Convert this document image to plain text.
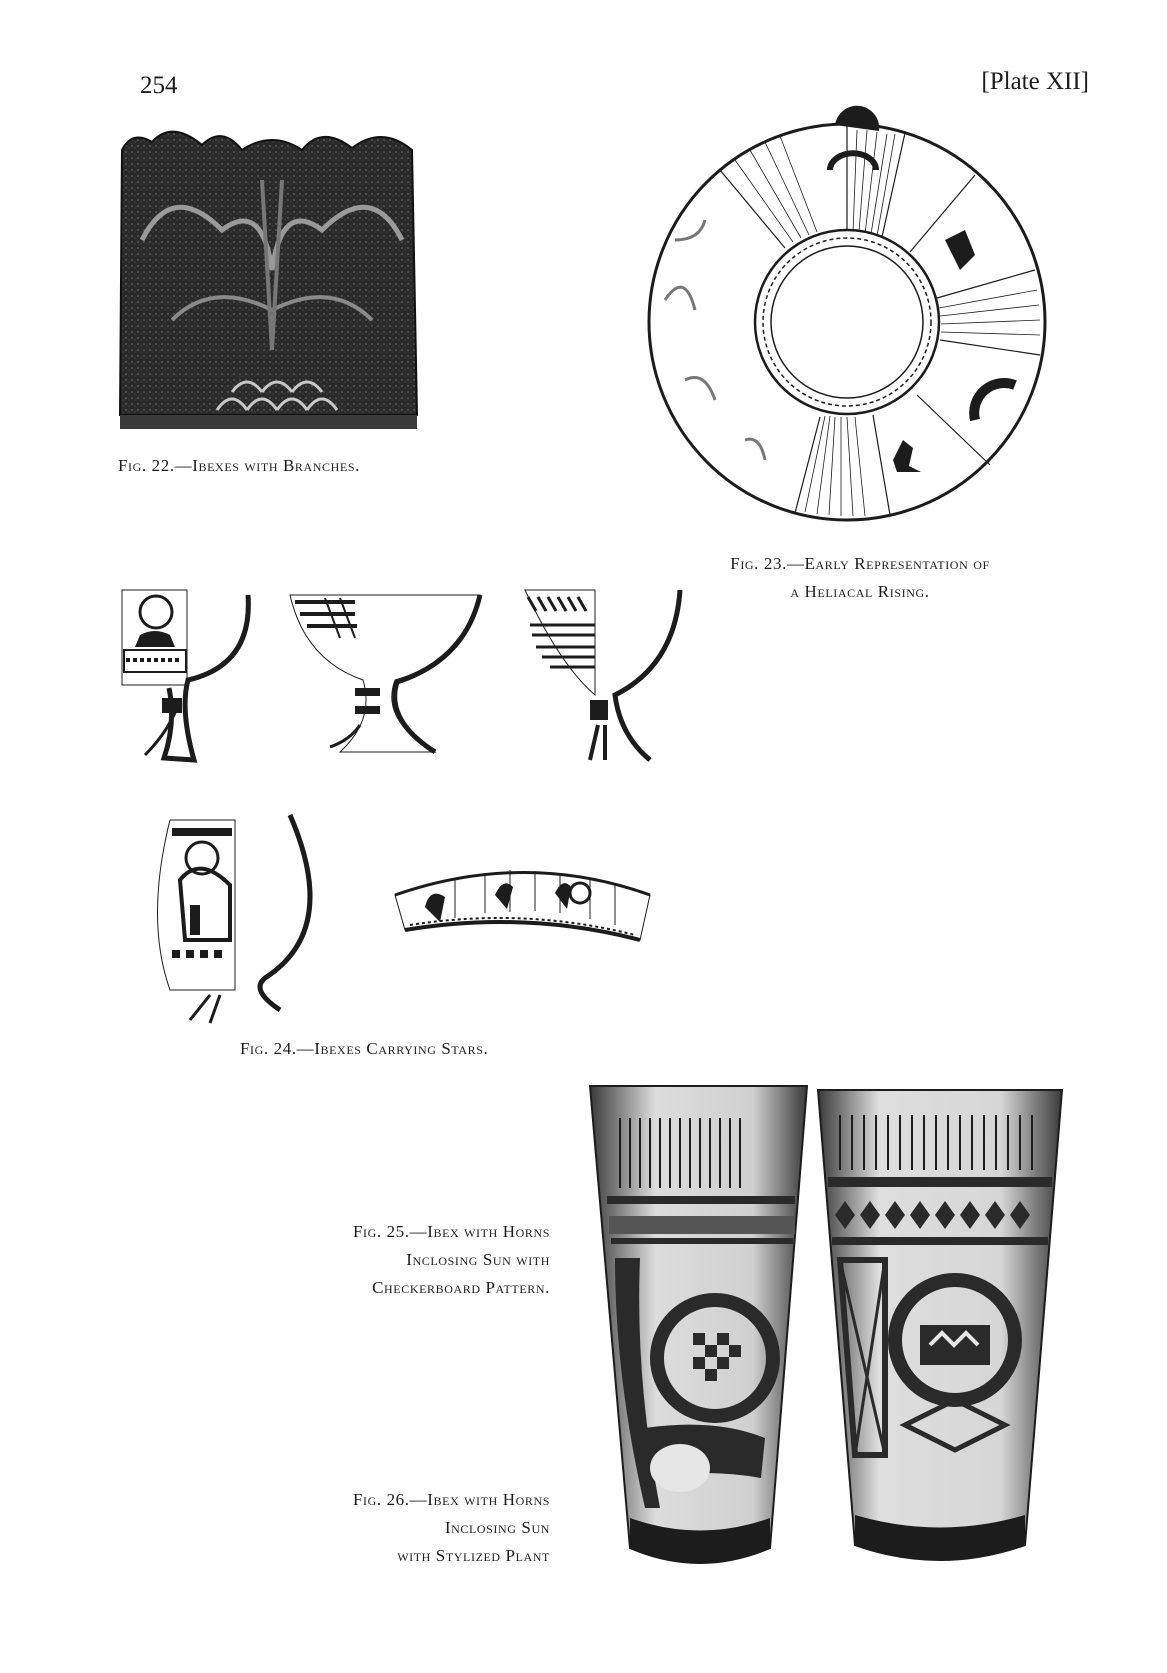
254	[Plate XII]
Fig. 22.—Ibexes with Branches.
Fig. 23.—Early Representation of
a Heliacal Rising.
Fig. 24.—Ibexes Carrying Stars.
Fig. 25.—Ibex with Horns
Inclosing Sun with
Checkerboard Pattern.
Fig. 26.—Ibex with Horns
Inclosing Sun
with Stylized Plant
Fig. 25	Fig. 26
